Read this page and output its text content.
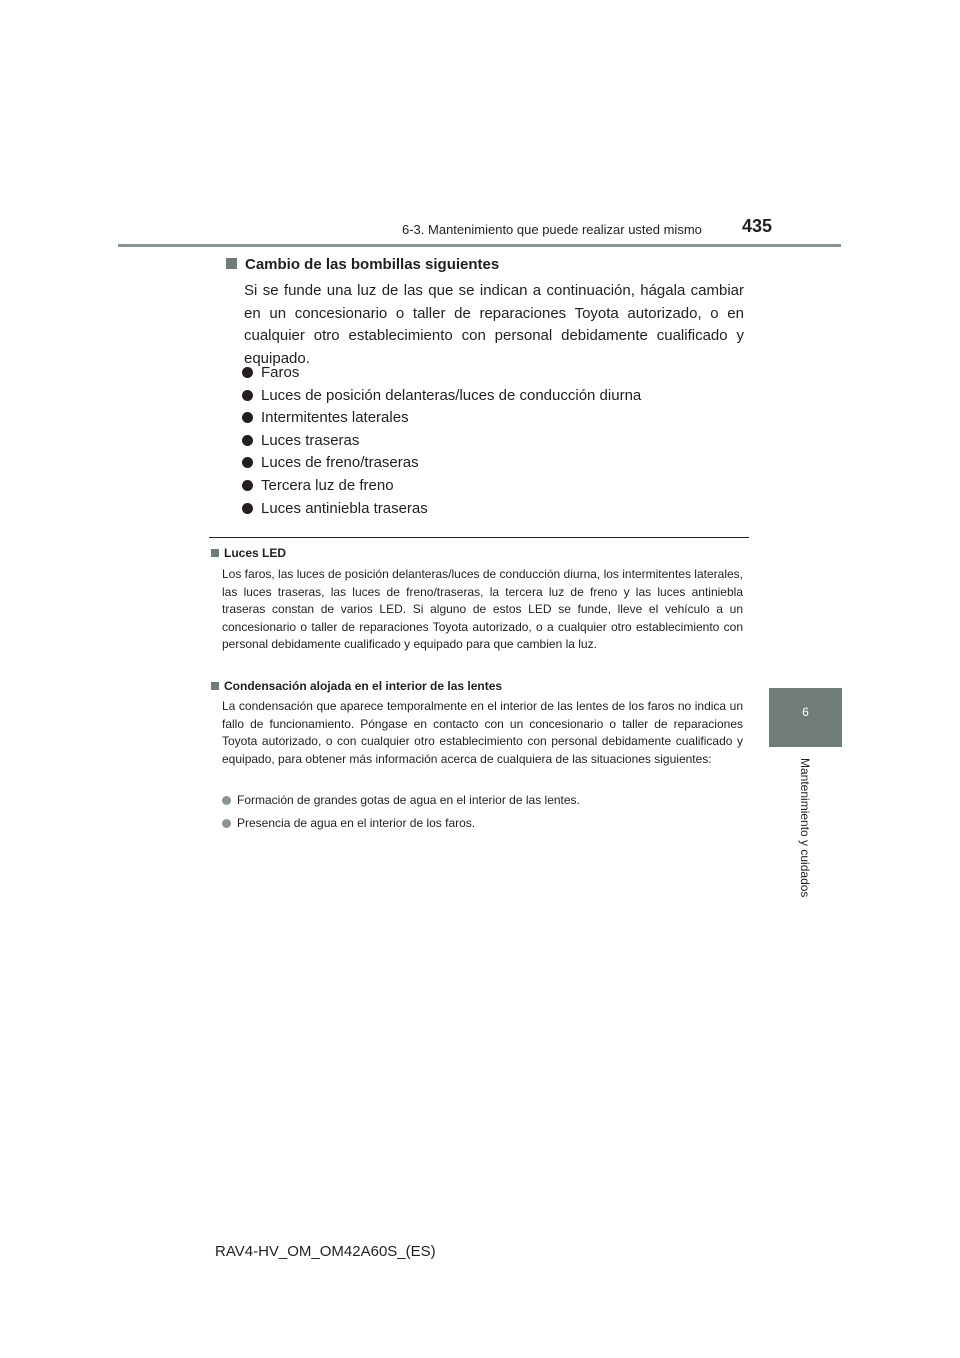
6-3. Mantenimiento que puede realizar usted mismo 435
6
Mantenimiento y cuidados
Cambio de las bombillas siguientes
Si se funde una luz de las que se indican a continuación, hágala cambiar en un concesionario o taller de reparaciones Toyota autorizado, o en cualquier otro establecimiento con personal debidamente cualificado y equipado.
Faros
Luces de posición delanteras/luces de conducción diurna
Intermitentes laterales
Luces traseras
Luces de freno/traseras
Tercera luz de freno
Luces antiniebla traseras
Luces LED
Los faros, las luces de posición delanteras/luces de conducción diurna, los intermitentes laterales, las luces traseras, las luces de freno/traseras, la tercera luz de freno y las luces antiniebla traseras constan de varios LED. Si alguno de estos LED se funde, lleve el vehículo a un concesionario o taller de reparaciones Toyota autorizado, o a cualquier otro establecimiento con personal debidamente cualificado y equipado para que cambien la luz.
Condensación alojada en el interior de las lentes
La condensación que aparece temporalmente en el interior de las lentes de los faros no indica un fallo de funcionamiento. Póngase en contacto con un concesionario o taller de reparaciones Toyota autorizado, o con cualquier otro establecimiento con personal debidamente cualificado y equipado, para obtener más información acerca de cualquiera de las situaciones siguientes:
Formación de grandes gotas de agua en el interior de las lentes.
Presencia de agua en el interior de los faros.
RAV4-HV_OM_OM42A60S_(ES)
